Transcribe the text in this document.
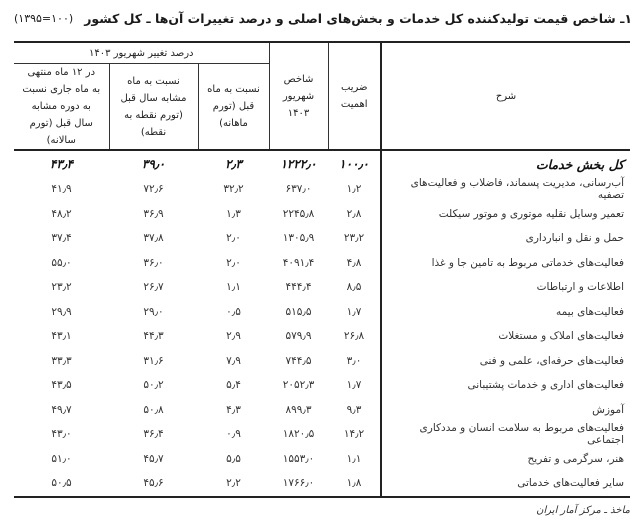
(۱۳۹۵=۱۰۰) ۱ـ شاخص قیمت تولیدکننده کل خدمات و بخش‌های اصلی و درصد تغییرات آن‌ها ـ کل کشور
شرح	ضریب اهمیت	شاخص شهریور ۱۴۰۳	درصد تغییر شهریور ۱۴۰۳		
			نسبت به ماه قبل (تورم ماهانه)	نسبت به ماه مشابه سال قبل (تورم نقطه به نقطه)	در ۱۲ ماه منتهی به ماه جاری نسبت به دوره مشابه سال قبل (تورم سالانه)
کل بخش خدمات	۱۰۰٫۰	۱۲۲۲٫۰	۲٫۳	۳۹٫۰	۴۳٫۴
آب‌رسانی، مدیریت پسماند، فاضلاب و فعالیت‌های تصفیه	۱٫۲	۶۳۷٫۰	۳۲٫۲	۷۲٫۶	۴۱٫۹
تعمیر وسایل نقلیه موتوری و موتور سیکلت	۲٫۸	۲۲۴۵٫۸	۱٫۳	۳۶٫۹	۴۸٫۲
حمل و نقل و انبارداری	۲۳٫۲	۱۳۰۵٫۹	۲٫۰	۳۷٫۸	۳۷٫۴
فعالیت‌های خدماتی مربوط به تامین جا و غذا	۴٫۸	۴۰۹۱٫۴	۲٫۰	۳۶٫۰	۵۵٫۰
اطلاعات و ارتباطات	۸٫۵	۴۴۴٫۴	۱٫۱	۲۶٫۷	۲۳٫۲
فعالیت‌های بیمه	۱٫۷	۵۱۵٫۵	۰٫۵	۲۹٫۰	۲۹٫۹
فعالیت‌های املاک و مستغلات	۲۶٫۸	۵۷۹٫۹	۲٫۹	۴۴٫۳	۴۳٫۱
فعالیت‌های حرفه‌ای، علمی و فنی	۳٫۰	۷۴۴٫۵	۷٫۹	۳۱٫۶	۳۳٫۳
فعالیت‌های اداری و خدمات پشتیبانی	۱٫۷	۲۰۵۲٫۳	۵٫۴	۵۰٫۲	۴۳٫۵
آموزش	۹٫۳	۸۹۹٫۳	۴٫۳	۵۰٫۸	۴۹٫۷
فعالیت‌های مربوط به سلامت انسان و مددکاری اجتماعی	۱۴٫۲	۱۸۲۰٫۵	۰٫۹	۳۶٫۴	۴۳٫۰
هنر، سرگرمی و تفریح	۱٫۱	۱۵۵۳٫۰	۵٫۵	۴۵٫۷	۵۱٫۰
سایر فعالیت‌های خدماتی	۱٫۸	۱۷۶۶٫۰	۲٫۲	۴۵٫۶	۵۰٫۵
ماخذ ـ مرکز آمار ایران
